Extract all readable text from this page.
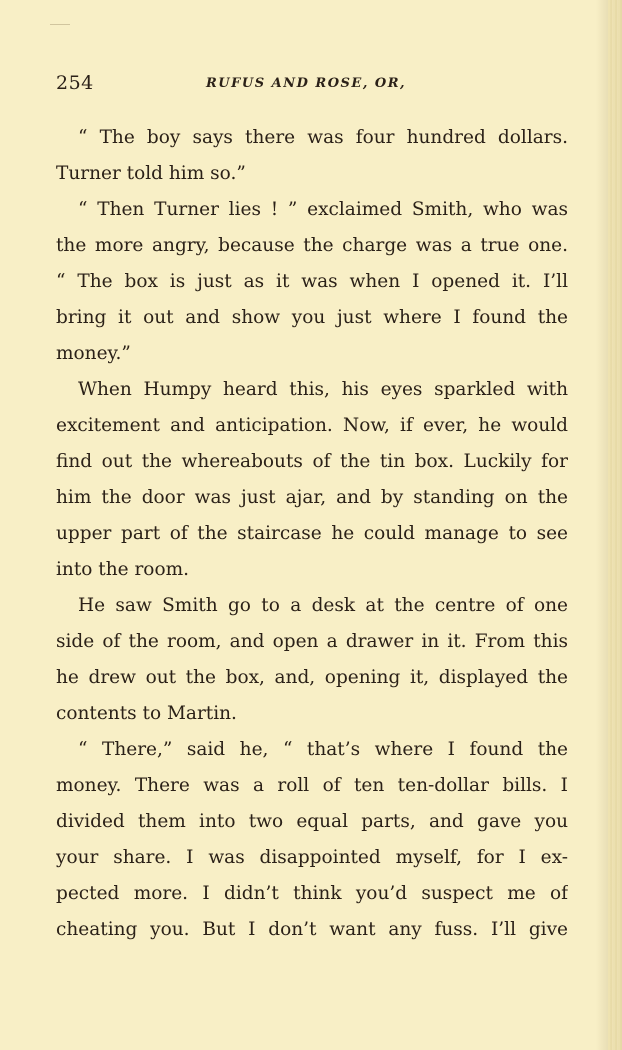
254	RUFUS AND ROSE, OR,
“ The boy says there was four hundred dollars.
Turner told him so.”
“ Then Turner lies ! ” exclaimed Smith, who was
the more angry, because the charge was a true one.
“ The box is just as it was when I opened it. I’ll
bring it out and show you just where I found the
money.”
When Humpy heard this, his eyes sparkled with
excitement and anticipation. Now, if ever, he would
find out the whereabouts of the tin box. Luckily for
him the door was just ajar, and by standing on the
upper part of the staircase he could manage to see
into the room.
He saw Smith go to a desk at the centre of one
side of the room, and open a drawer in it. From this
he drew out the box, and, opening it, displayed the
contents to Martin.
“ There,” said he, “ that’s where I found the
money. There was a roll of ten ten-dollar bills. I
divided them into two equal parts, and gave you
your share. I was disappointed myself, for I ex-
pected more. I didn’t think you’d suspect me of
cheating you. But I don’t want any fuss. I’ll give
